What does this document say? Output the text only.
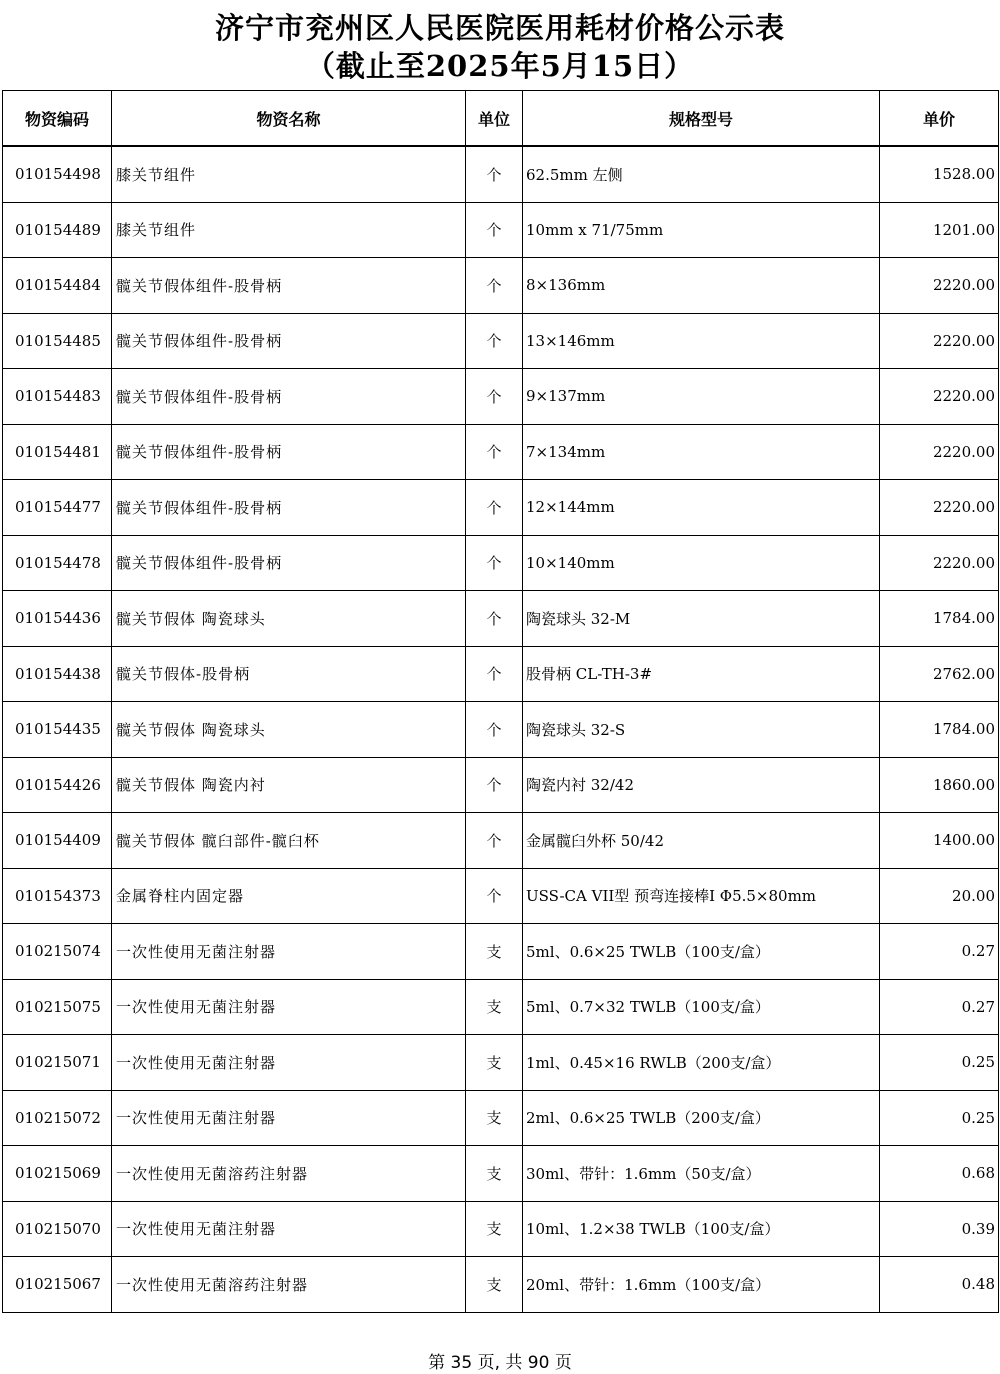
济宁市兖州区人民医院医用耗材价格公示表
（截止至2025年5月15日）
物资编码	物资名称	单位	规格型号	单价
010154498	膝关节组件	个	62.5mm 左侧	1528.00
010154489	膝关节组件	个	10mm x 71/75mm	1201.00
010154484	髋关节假体组件-股骨柄	个	8×136mm	2220.00
010154485	髋关节假体组件-股骨柄	个	13×146mm	2220.00
010154483	髋关节假体组件-股骨柄	个	9×137mm	2220.00
010154481	髋关节假体组件-股骨柄	个	7×134mm	2220.00
010154477	髋关节假体组件-股骨柄	个	12×144mm	2220.00
010154478	髋关节假体组件-股骨柄	个	10×140mm	2220.00
010154436	髋关节假体 陶瓷球头	个	陶瓷球头 32-M	1784.00
010154438	髋关节假体-股骨柄	个	股骨柄 CL-TH-3#	2762.00
010154435	髋关节假体 陶瓷球头	个	陶瓷球头 32-S	1784.00
010154426	髋关节假体 陶瓷内衬	个	陶瓷内衬 32/42	1860.00
010154409	髋关节假体 髋臼部件-髋臼杯	个	金属髋臼外杯 50/42	1400.00
010154373	金属脊柱内固定器	个	USS-CA VII型 预弯连接棒I Φ5.5×80mm	20.00
010215074	一次性使用无菌注射器	支	5ml、0.6×25 TWLB（100支/盒）	0.27
010215075	一次性使用无菌注射器	支	5ml、0.7×32 TWLB（100支/盒）	0.27
010215071	一次性使用无菌注射器	支	1ml、0.45×16 RWLB（200支/盒）	0.25
010215072	一次性使用无菌注射器	支	2ml、0.6×25 TWLB（200支/盒）	0.25
010215069	一次性使用无菌溶药注射器	支	30ml、带针：1.6mm（50支/盒）	0.68
010215070	一次性使用无菌注射器	支	10ml、1.2×38 TWLB（100支/盒）	0.39
010215067	一次性使用无菌溶药注射器	支	20ml、带针：1.6mm（100支/盒）	0.48
第 35 页, 共 90 页
